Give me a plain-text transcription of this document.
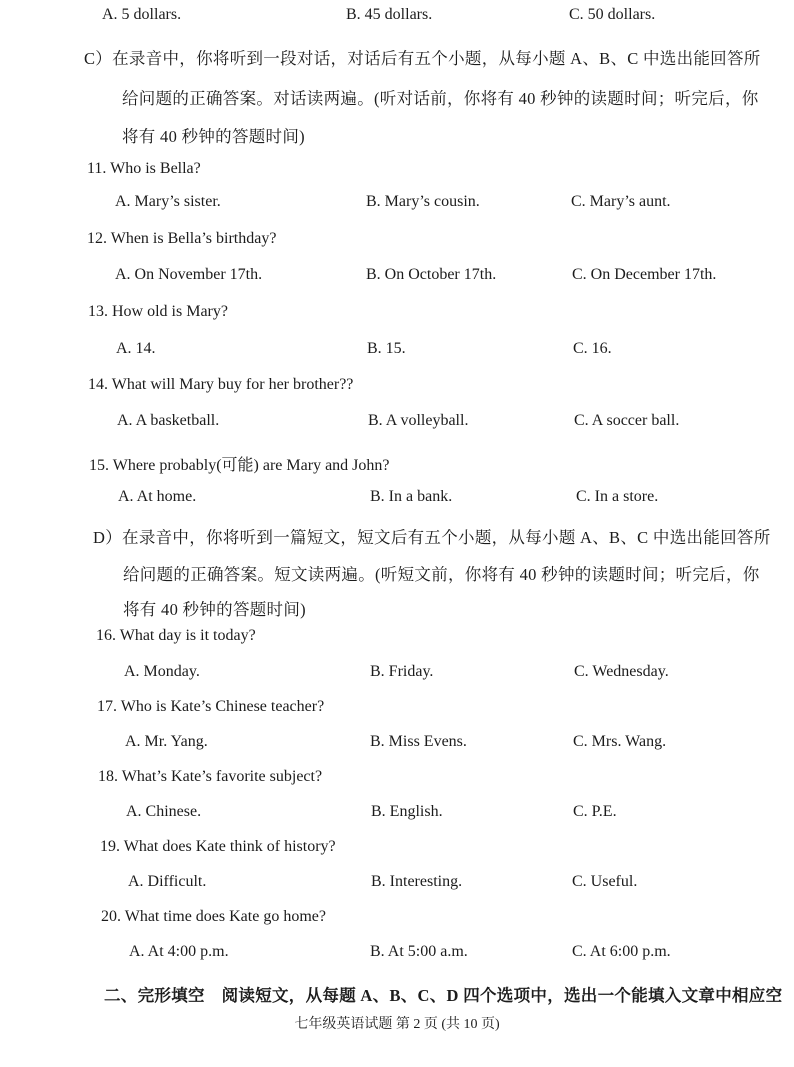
A. 5 dollars.	B. 45 dollars.	C. 50 dollars.
C）在录音中，你将听到一段对话，对话后有五个小题，从每小题 A、B、C 中选出能回答所
给问题的正确答案。对话读两遍。(听对话前，你将有 40 秒钟的读题时间；听完后，你
将有 40 秒钟的答题时间)
11. Who is Bella?
A. Mary’s sister.	B. Mary’s cousin.	C. Mary’s aunt.
12. When is Bella’s birthday?
A. On November 17th.	B. On October 17th.	C. On December 17th.
13. How old is Mary?
A. 14.	B. 15.	C. 16.
14. What will Mary buy for her brother??
A. A basketball.	B. A volleyball.	C. A soccer ball.
15. Where probably(可能) are Mary and John?
A. At home.	B. In a bank.	C. In a store.
D）在录音中，你将听到一篇短文，短文后有五个小题，从每小题 A、B、C 中选出能回答所
给问题的正确答案。短文读两遍。(听短文前，你将有 40 秒钟的读题时间；听完后，你
将有 40 秒钟的答题时间)
16. What day is it today?
A. Monday.	B. Friday.	C. Wednesday.
17. Who is Kate’s Chinese teacher?
A. Mr. Yang.	B. Miss Evens.	C. Mrs. Wang.
18. What’s Kate’s favorite subject?
A. Chinese.	B. English.	C. P.E.
19. What does Kate think of history?
A. Difficult.	B. Interesting.	C. Useful.
20. What time does Kate go home?
A. At 4:00 p.m.	B. At 5:00 a.m.	C. At 6:00 p.m.
二、完形填空　阅读短文，从每题 A、B、C、D 四个选项中，选出一个能填入文章中相应空
七年级英语试题 第 2 页 (共 10 页)
